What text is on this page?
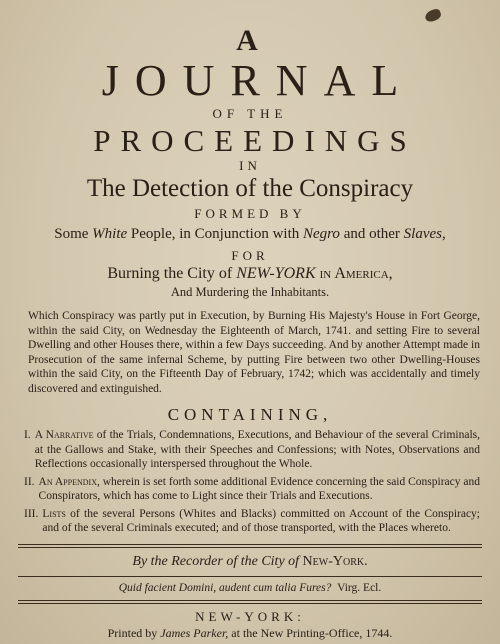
A
JOURNAL
OF THE
PROCEEDINGS
IN
The Detection of the Conspiracy
FORMED BY
Some White People, in Conjunction with Negro and other Slaves,
FOR
Burning the City of NEW-YORK in America,
And Murdering the Inhabitants.
Which Conspiracy was partly put in Execution, by Burning His Majesty's House in Fort George, within the said City, on Wednesday the Eighteenth of March, 1741. and setting Fire to several Dwelling and other Houses there, within a few Days succeeding. And by another Attempt made in Prosecution of the same infernal Scheme, by putting Fire between two other Dwelling-Houses within the said City, on the Fifteenth Day of February, 1742; which was accidentally and timely discovered and extinguished.
CONTAINING,
I. A Narrative of the Trials, Condemnations, Executions, and Behaviour of the several Criminals, at the Gallows and Stake, with their Speeches and Confessions; with Notes, Observations and Reflections occasionally interspersed throughout the Whole.
II. An Appendix, wherein is set forth some additional Evidence concerning the said Conspiracy and Conspirators, which has come to Light since their Trials and Executions.
III. Lists of the several Persons (Whites and Blacks) committed on Account of the Conspiracy; and of the several Criminals executed; and of those transported, with the Places whereto.
By the Recorder of the City of New-York.
Quid facient Domini, audent cum talia Fures? Virg. Ecl.
NEW-YORK:
Printed by James Parker, at the New Printing-Office, 1744.
